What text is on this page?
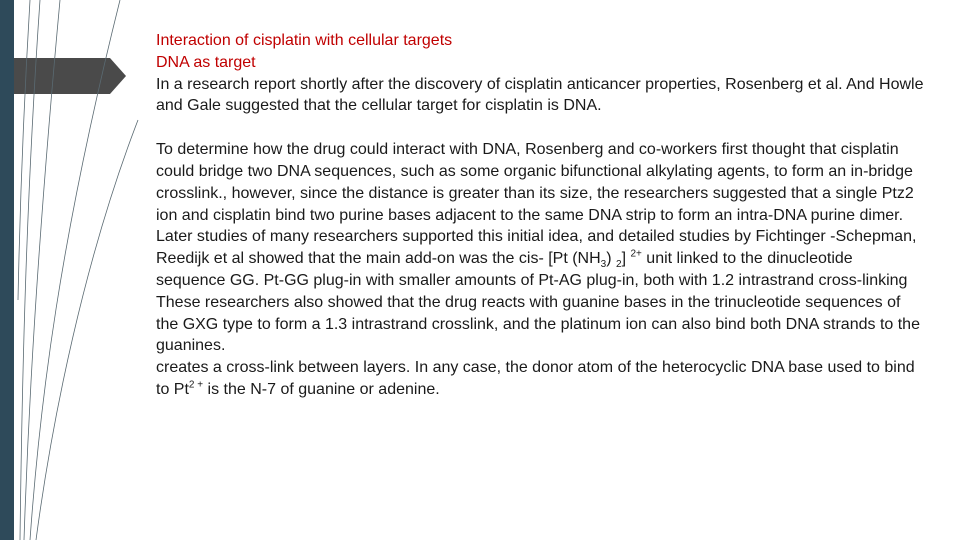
Interaction of cisplatin with cellular targets

DNA as target

In a research report shortly after the discovery of cisplatin anticancer properties, Rosenberg et al. And Howle and Gale suggested that the cellular target for cisplatin is DNA.

To determine how the drug could interact with DNA, Rosenberg and co-workers first thought that cisplatin could bridge two DNA sequences, such as some organic bifunctional alkylating agents, to form an in-bridge crosslink., however, since the distance is greater than its size, the researchers suggested that a single Ptz2 ion and cisplatin bind two purine bases adjacent to the same DNA strip to form an intra-DNA purine dimer.

Later studies of many researchers supported this initial idea, and detailed studies by Fichtinger -Schepman, Reedijk et al showed that the main add-on was the cis- [Pt $(NH_3)$ $_2$] $^{2+}$ unit linked to the dinucleotide sequence GG. Pt-GG plug-in with smaller amounts of Pt-AG plug-in, both with 1.2 intrastrand cross-linking

These researchers also showed that the drug reacts with guanine bases in the trinucleotide sequences of the GXG type to form a 1.3 intrastrand crosslink, and the platinum ion can also bind both DNA strands to the guanines.

creates a cross-link between layers. In any case, the donor atom of the heterocyclic DNA base used to bind to $Pt^{2 +}$ is the N-7 of guanine or adenine.
